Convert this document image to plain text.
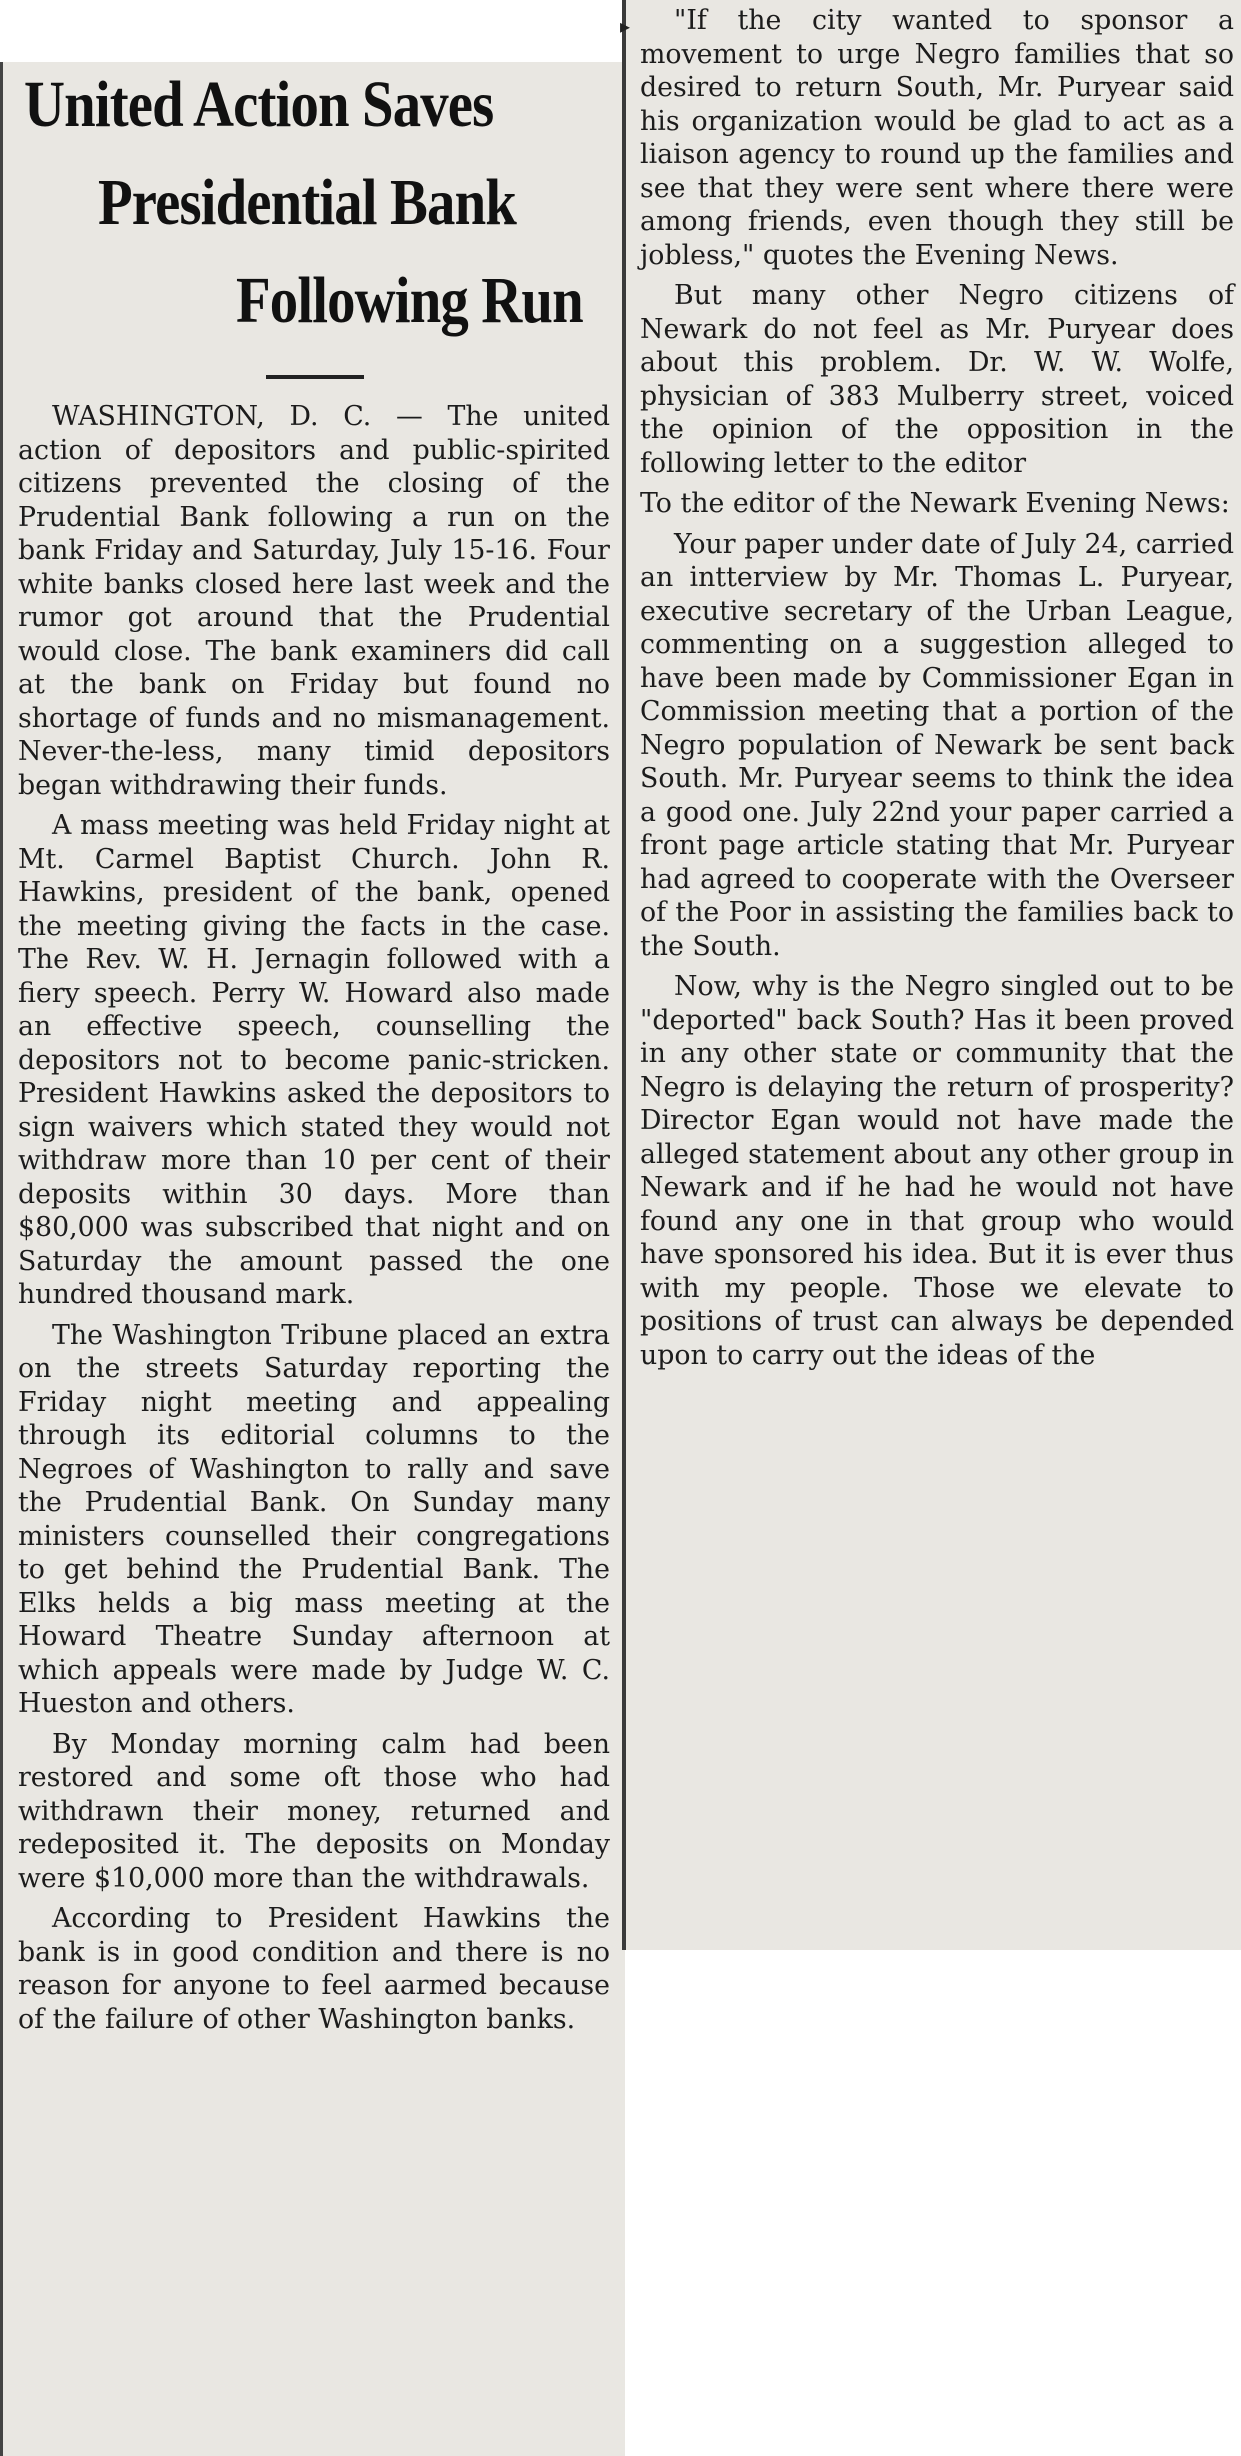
▸
United Action Saves
Presidential Bank
Following Run

WASHINGTON, D. C. — The united action of depositors and public-spirited citizens prevented the closing of the Prudential Bank following a run on the bank Friday and Saturday, July 15-16. Four white banks closed here last week and the rumor got around that the Prudential would close. The bank examiners did call at the bank on Friday but found no shortage of funds and no mismanagement. Never-the-less, many timid depositors began withdrawing their funds.

A mass meeting was held Friday night at Mt. Carmel Baptist Church. John R. Hawkins, president of the bank, opened the meeting giving the facts in the case. The Rev. W. H. Jernagin followed with a fiery speech. Perry W. Howard also made an effective speech, counselling the depositors not to become panic-stricken. President Hawkins asked the depositors to sign waivers which stated they would not withdraw more than 10 per cent of their deposits within 30 days. More than $80,000 was subscribed that night and on Saturday the amount passed the one hundred thousand mark.

The Washington Tribune placed an extra on the streets Saturday reporting the Friday night meeting and appealing through its editorial columns to the Negroes of Washington to rally and save the Prudential Bank. On Sunday many ministers counselled their congregations to get behind the Prudential Bank. The Elks helds a big mass meeting at the Howard Theatre Sunday afternoon at which appeals were made by Judge W. C. Hueston and others.

By Monday morning calm had been restored and some oft those who had withdrawn their money, returned and redeposited it. The deposits on Monday were $10,000 more than the withdrawals.

According to President Hawkins the bank is in good condition and there is no reason for anyone to feel aarmed because of the failure of other Washington banks.

"If the city wanted to sponsor a movement to urge Negro families that so desired to return South, Mr. Puryear said his organization would be glad to act as a liaison agency to round up the families and see that they were sent where there were among friends, even though they still be jobless," quotes the Evening News.

But many other Negro citizens of Newark do not feel as Mr. Puryear does about this problem. Dr. W. W. Wolfe, physician of 383 Mulberry street, voiced the opinion of the opposition in the following letter to the editor

To the editor of the Newark Evening News:

Your paper under date of July 24, carried an intterview by Mr. Thomas L. Puryear, executive secretary of the Urban League, commenting on a suggestion alleged to have been made by Commissioner Egan in Commission meeting that a portion of the Negro population of Newark be sent back South. Mr. Puryear seems to think the idea a good one. July 22nd your paper carried a front page article stating that Mr. Puryear had agreed to cooperate with the Overseer of the Poor in assisting the families back to the South.

Now, why is the Negro singled out to be "deported" back South? Has it been proved in any other state or community that the Negro is delaying the return of prosperity? Director Egan would not have made the alleged statement about any other group in Newark and if he had he would not have found any one in that group who would have sponsored his idea. But it is ever thus with my people. Those we elevate to positions of trust can always be depended upon to carry out the ideas of the
